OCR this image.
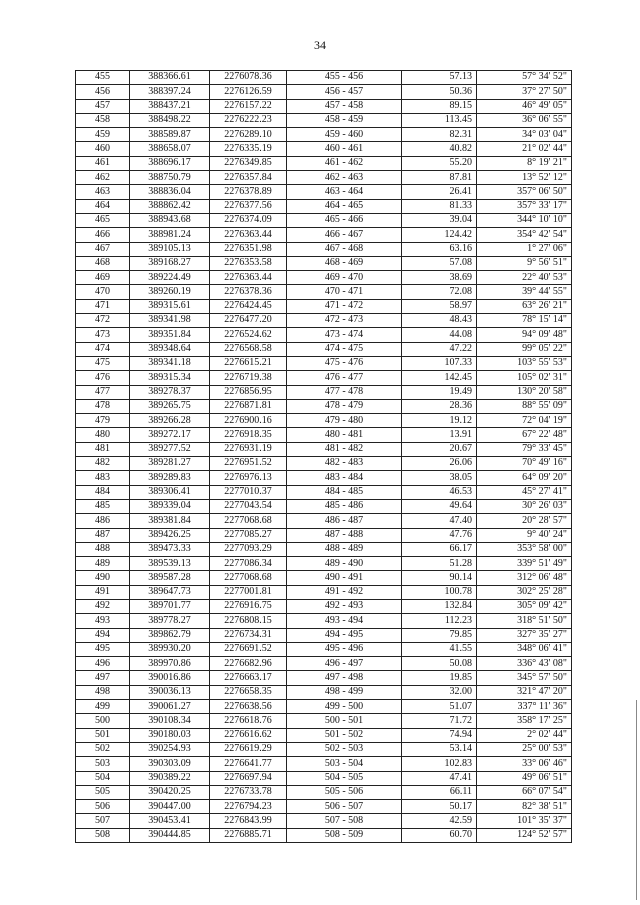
34
455	388366.61	2276078.36	455 - 456	57.13	57° 34' 52"
456	388397.24	2276126.59	456 - 457	50.36	37° 27' 50"
457	388437.21	2276157.22	457 - 458	89.15	46° 49' 05"
458	388498.22	2276222.23	458 - 459	113.45	36° 06' 55"
459	388589.87	2276289.10	459 - 460	82.31	34° 03' 04"
460	388658.07	2276335.19	460 - 461	40.82	21° 02' 44"
461	388696.17	2276349.85	461 - 462	55.20	8° 19' 21"
462	388750.79	2276357.84	462 - 463	87.81	13° 52' 12"
463	388836.04	2276378.89	463 - 464	26.41	357° 06' 50"
464	388862.42	2276377.56	464 - 465	81.33	357° 33' 17"
465	388943.68	2276374.09	465 - 466	39.04	344° 10' 10"
466	388981.24	2276363.44	466 - 467	124.42	354° 42' 54"
467	389105.13	2276351.98	467 - 468	63.16	1° 27' 06"
468	389168.27	2276353.58	468 - 469	57.08	9° 56' 51"
469	389224.49	2276363.44	469 - 470	38.69	22° 40' 53"
470	389260.19	2276378.36	470 - 471	72.08	39° 44' 55"
471	389315.61	2276424.45	471 - 472	58.97	63° 26' 21"
472	389341.98	2276477.20	472 - 473	48.43	78° 15' 14"
473	389351.84	2276524.62	473 - 474	44.08	94° 09' 48"
474	389348.64	2276568.58	474 - 475	47.22	99° 05' 22"
475	389341.18	2276615.21	475 - 476	107.33	103° 55' 53"
476	389315.34	2276719.38	476 - 477	142.45	105° 02' 31"
477	389278.37	2276856.95	477 - 478	19.49	130° 20' 58"
478	389265.75	2276871.81	478 - 479	28.36	88° 55' 09"
479	389266.28	2276900.16	479 - 480	19.12	72° 04' 19"
480	389272.17	2276918.35	480 - 481	13.91	67° 22' 48"
481	389277.52	2276931.19	481 - 482	20.67	79° 33' 45"
482	389281.27	2276951.52	482 - 483	26.06	70° 49' 16"
483	389289.83	2276976.13	483 - 484	38.05	64° 09' 20"
484	389306.41	2277010.37	484 - 485	46.53	45° 27' 41"
485	389339.04	2277043.54	485 - 486	49.64	30° 26' 03"
486	389381.84	2277068.68	486 - 487	47.40	20° 28' 57"
487	389426.25	2277085.27	487 - 488	47.76	9° 40' 24"
488	389473.33	2277093.29	488 - 489	66.17	353° 58' 00"
489	389539.13	2277086.34	489 - 490	51.28	339° 51' 49"
490	389587.28	2277068.68	490 - 491	90.14	312° 06' 48"
491	389647.73	2277001.81	491 - 492	100.78	302° 25' 28"
492	389701.77	2276916.75	492 - 493	132.84	305° 09' 42"
493	389778.27	2276808.15	493 - 494	112.23	318° 51' 50"
494	389862.79	2276734.31	494 - 495	79.85	327° 35' 27"
495	389930.20	2276691.52	495 - 496	41.55	348° 06' 41"
496	389970.86	2276682.96	496 - 497	50.08	336° 43' 08"
497	390016.86	2276663.17	497 - 498	19.85	345° 57' 50"
498	390036.13	2276658.35	498 - 499	32.00	321° 47' 20"
499	390061.27	2276638.56	499 - 500	51.07	337° 11' 36"
500	390108.34	2276618.76	500 - 501	71.72	358° 17' 25"
501	390180.03	2276616.62	501 - 502	74.94	2° 02' 44"
502	390254.93	2276619.29	502 - 503	53.14	25° 00' 53"
503	390303.09	2276641.77	503 - 504	102.83	33° 06' 46"
504	390389.22	2276697.94	504 - 505	47.41	49° 06' 51"
505	390420.25	2276733.78	505 - 506	66.11	66° 07' 54"
506	390447.00	2276794.23	506 - 507	50.17	82° 38' 51"
507	390453.41	2276843.99	507 - 508	42.59	101° 35' 37"
508	390444.85	2276885.71	508 - 509	60.70	124° 52' 57"
